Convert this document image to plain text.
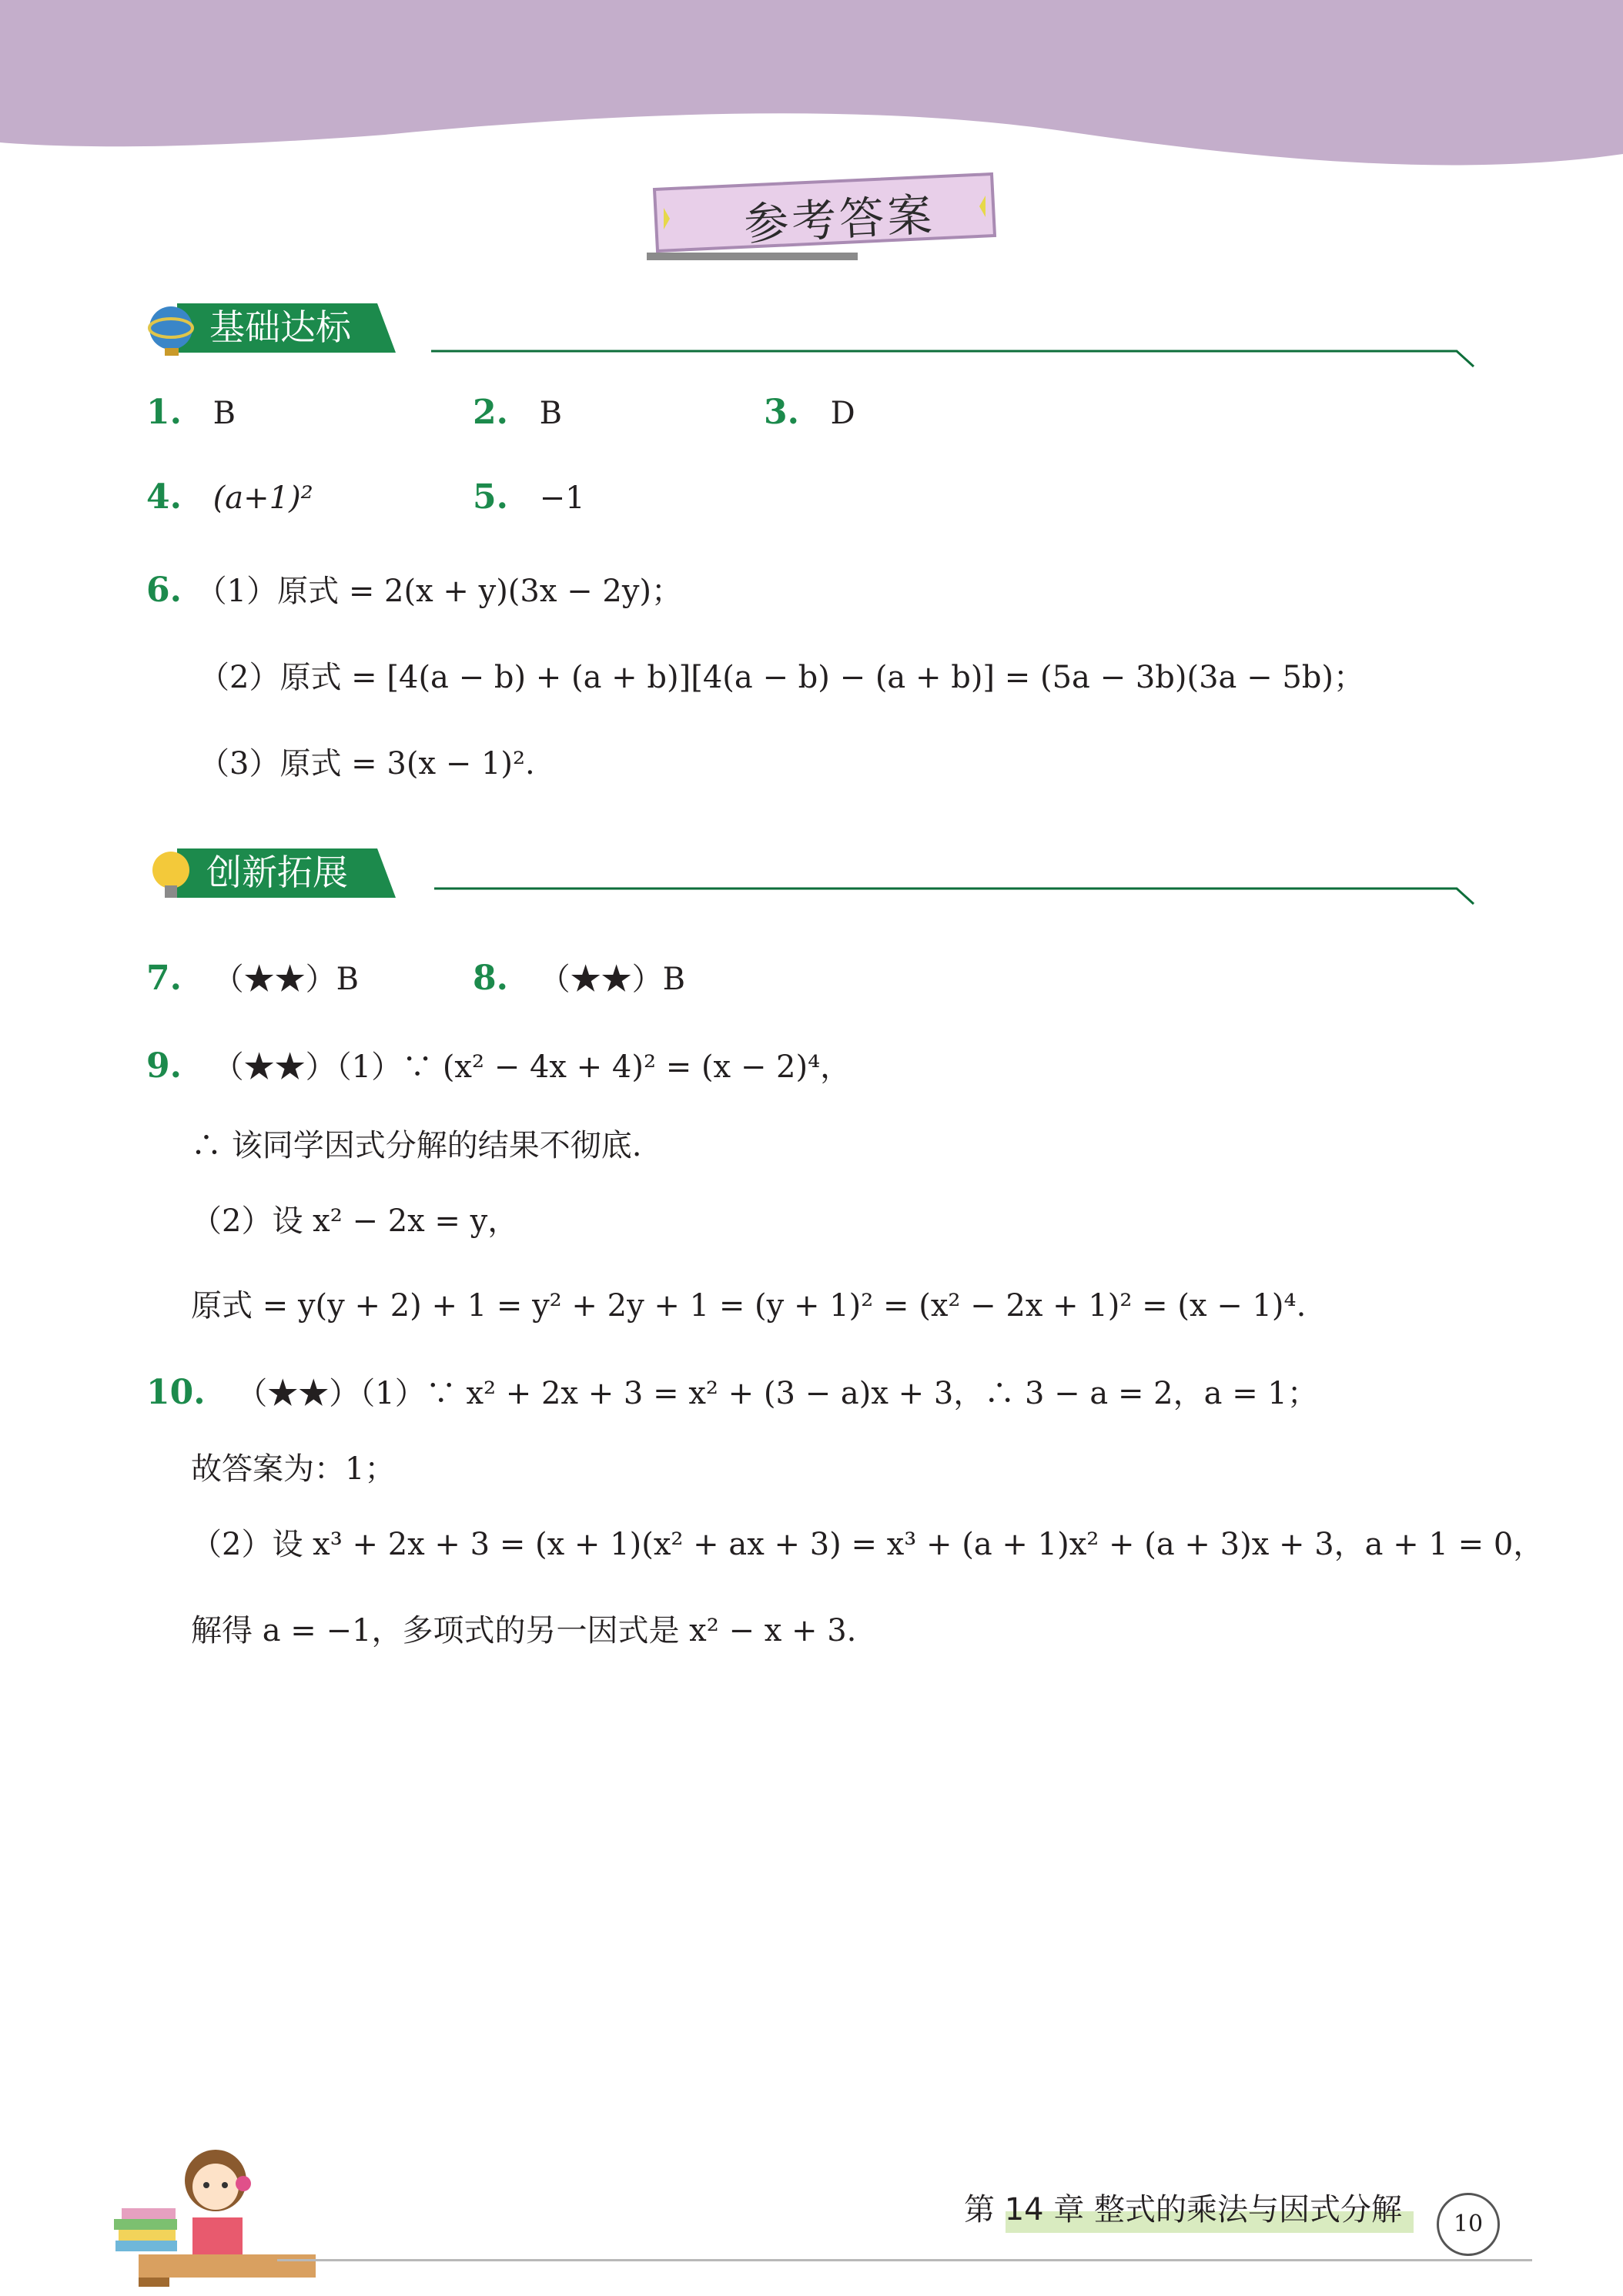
参考答案
基础达标
1. B	2. B	3. D
4. (a+1)²	5. −1
6. （1）原式 = 2(x + y)(3x − 2y)；
（2）原式 = [4(a − b) + (a + b)][4(a − b) − (a + b)] = (5a − 3b)(3a − 5b)；
（3）原式 = 3(x − 1)².
创新拓展
7. （★★）B	8. （★★）B
9. （★★）（1）∵ (x² − 4x + 4)² = (x − 2)⁴，
∴ 该同学因式分解的结果不彻底.
（2）设 x² − 2x = y，
原式 = y(y + 2) + 1 = y² + 2y + 1 = (y + 1)² = (x² − 2x + 1)² = (x − 1)⁴.
10. （★★）（1）∵ x² + 2x + 3 = x² + (3 − a)x + 3，∴ 3 − a = 2，a = 1；
故答案为：1；
（2）设 x³ + 2x + 3 = (x + 1)(x² + ax + 3) = x³ + (a + 1)x² + (a + 3)x + 3，a + 1 = 0，
解得 a = −1，多项式的另一因式是 x² − x + 3.
第 14 章 整式的乘法与因式分解	10
